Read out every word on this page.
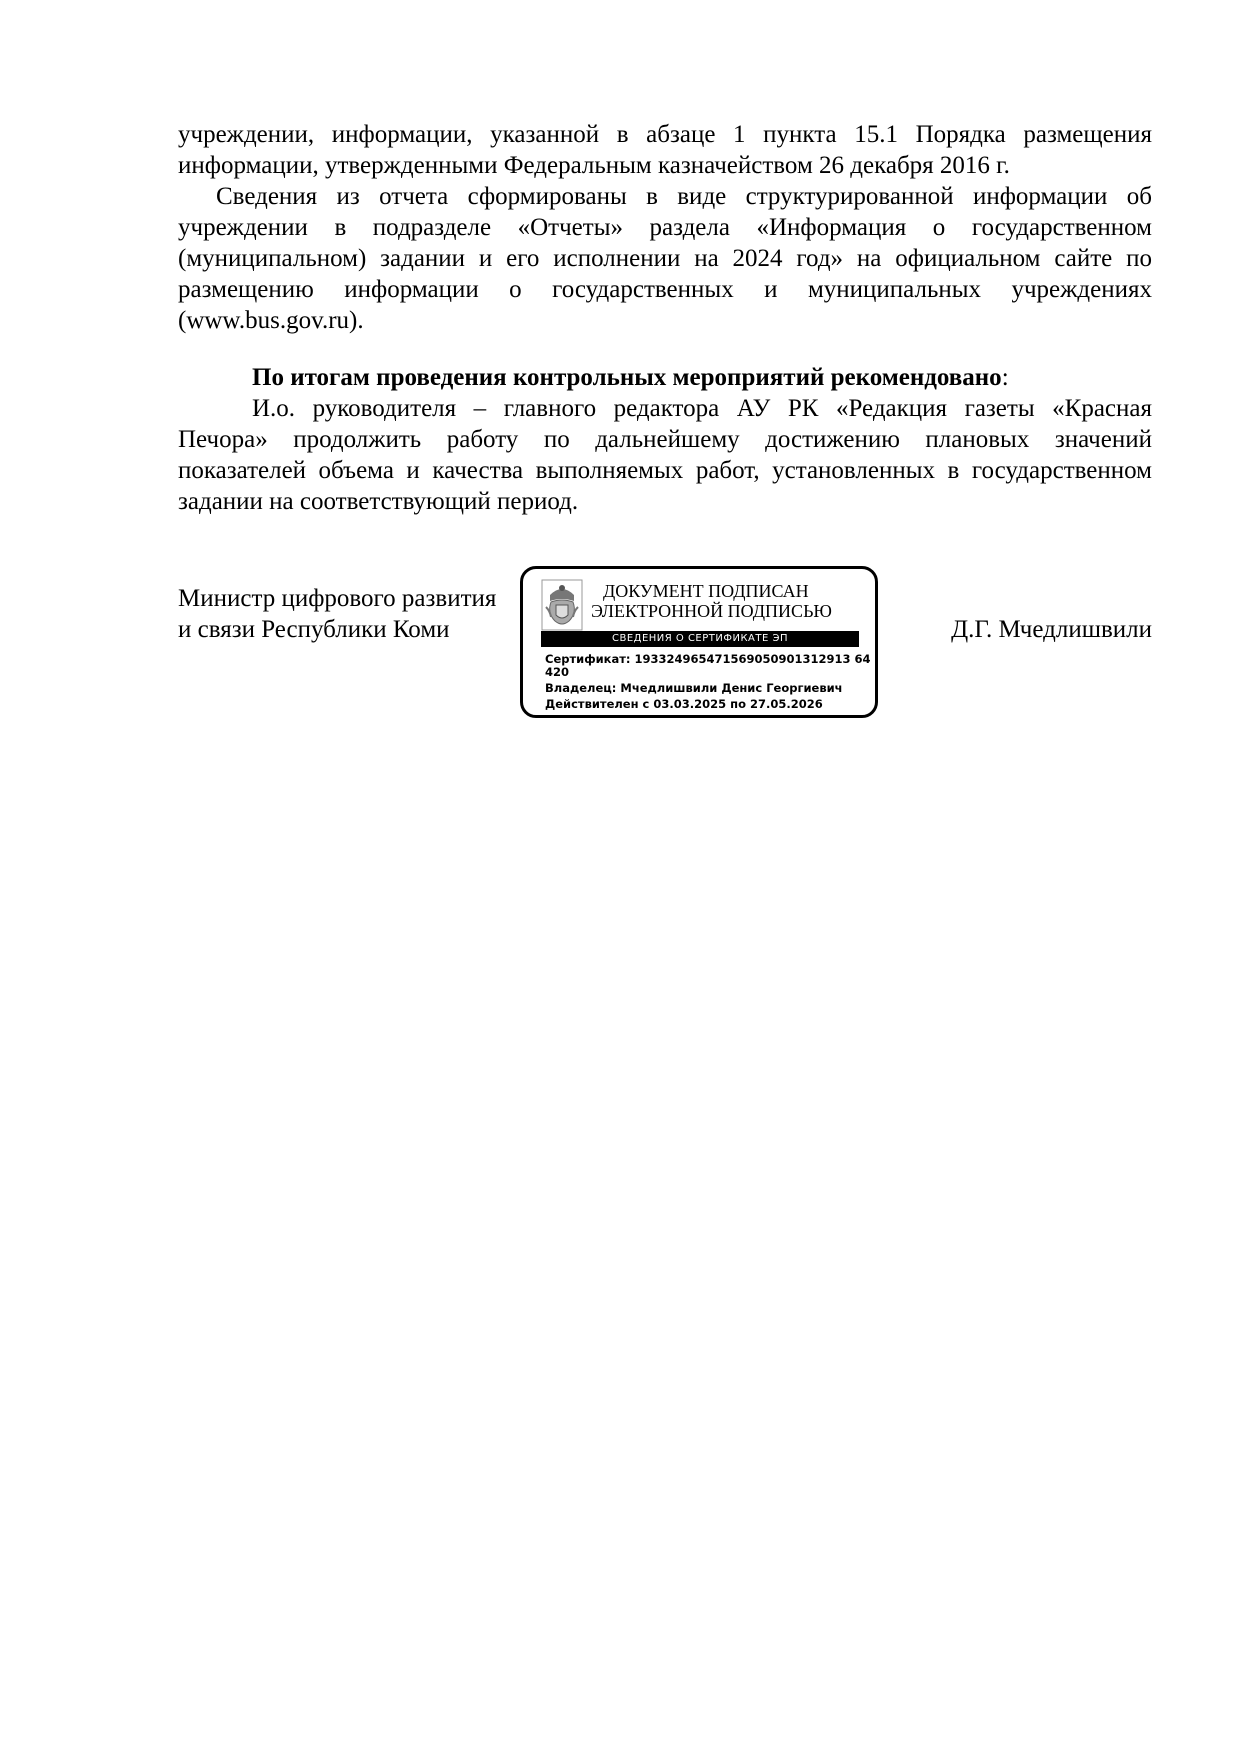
учреждении, информации, указанной в абзаце 1 пункта 15.1 Порядка размещения
информации, утвержденными Федеральным казначейством 26 декабря 2016 г.
Сведения из отчета сформированы в виде структурированной информации об
учреждении в подразделе «Отчеты» раздела «Информация о государственном
(муниципальном) задании и его исполнении на 2024 год» на официальном сайте по
размещению информации о государственных и муниципальных учреждениях
(www.bus.gov.ru).
По итогам проведения контрольных мероприятий рекомендовано:
И.о. руководителя – главного редактора АУ РК «Редакция газеты «Красная
Печора» продолжить работу по дальнейшему достижению плановых значений
показателей объема и качества выполняемых работ, установленных в государственном
задании на соответствующий период.
Министр цифрового развития
и связи Республики Коми
ДОКУМЕНТ ПОДПИСАН
ЭЛЕКТРОННОЙ ПОДПИСЬЮ
СВЕДЕНИЯ О СЕРТИФИКАТЕ ЭП
Сертификат: 193324965471569050901312913 64420
Владелец: Мчедлишвили Денис Георгиевич
Действителен с 03.03.2025 по 27.05.2026
Д.Г. Мчедлишвили
